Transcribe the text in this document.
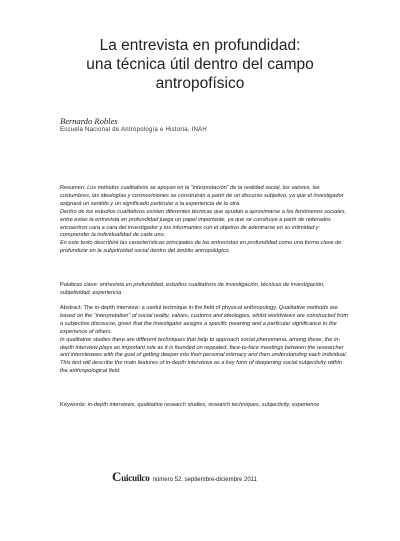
La entrevista en profundidad:
una técnica útil dentro del campo
antropofísico
Bernardo Robles
Escuela Nacional de Antropología e Historia, INAH

Resumen: Los métodos cualitativos se apoyan en la “interpretación” de la realidad social, los valores, las costumbres, las ideologías y cosmovisiones se construirán a partir de un discurso subjetivo, ya que el investigador asignará un sentido y un significado particular a la experiencia de la otra.

Dentro de los estudios cualitativos existen diferentes técnicas que ayudan a aproximarse a los fenómenos sociales, entre estas la entrevista en profundidad juega un papel importante, ya que se construye a partir de reiterados encuentros cara a cara del investigador y los informantes con el objetivo de adentrarse en su intimidad y comprender la individualidad de cada uno.

En este texto describiré las características principales de las entrevistas en profundidad como una forma clave de profundizar en la subjetividad social dentro del ámbito antropológico.

Palabras clave: entrevista en profundidad, estudios cualitativos de investigación, técnicas de investigación, subjetividad, experiencia

Abstract: The in-depth interview: a useful technique in the field of physical anthropology. Qualitative methods are based on the “interpretation” of social reality, values, customs and ideologies, whilst worldviews are constructed from a subjective discourse, given that the investigator assigns a specific meaning and a particular significance to the experience of others.

In qualitative studies there are different techniques that help to approach social phenomena, among these, the in-depth interview plays an important role as it is founded on repeated, face-to-face meetings between the researcher and interviewees with the goal of getting deeper into their personal intimacy and then understanding each individual.

This text will describe the main features of in-depth interviews as a key form of deepening social subjectivity within the anthropological field.

Keywords: in-depth interviews, qualitative research studies, research techniques, subjectivity, experience

Cuicuilco número 52, septiembre-diciembre 2011
